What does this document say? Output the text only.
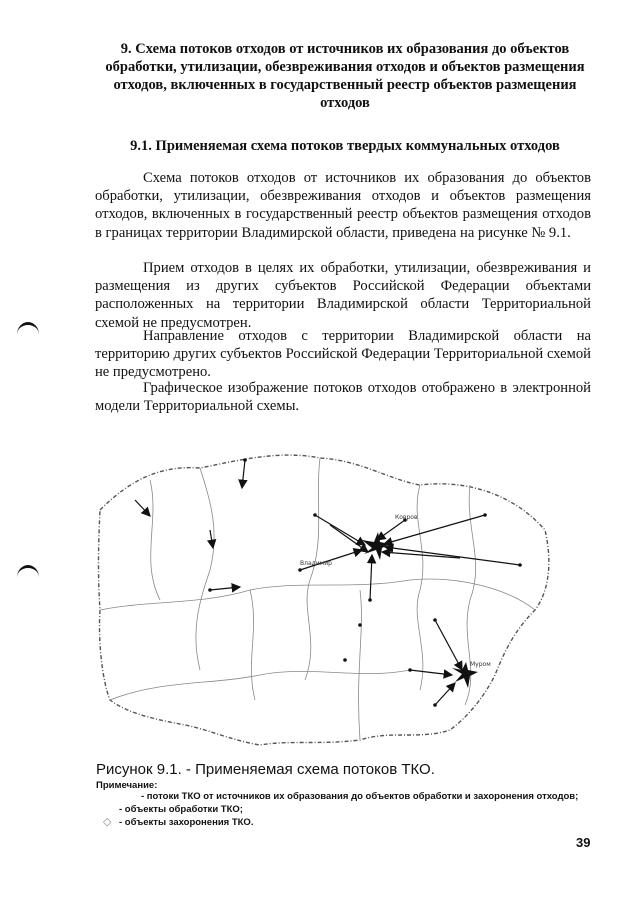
9. Схема потоков отходов от источников их образования до объектов обработки, утилизации, обезвреживания отходов и объектов размещения отходов, включенных в государственный реестр объектов размещения отходов
9.1. Применяемая схема потоков твердых коммунальных отходов

Схема потоков отходов от источников их образования до объектов обработки, утилизации, обезвреживания отходов и объектов размещения отходов, включенных в государственный реестр объектов размещения отходов в границах территории Владимирской области, приведена на рисунке № 9.1.

Прием отходов в целях их обработки, утилизации, обезвреживания и размещения из других субъектов Российской Федерации объектами расположенных на территории Владимирской области Территориальной схемой не предусмотрен.

Направление отходов с территории Владимирской области на территорию других субъектов Российской Федерации Территориальной схемой не предусмотрено.

Графическое изображение потоков отходов отображено в электронной модели Территориальной схемы.

Ковров
Владимир
Муром
Рисунок 9.1. - Применяемая схема потоков ТКО.
Примечание:
- потоки ТКО от источников их образования до объектов обработки и захоронения отходов;
- объекты обработки ТКО;
◇ - объекты захоронения ТКО.
39
